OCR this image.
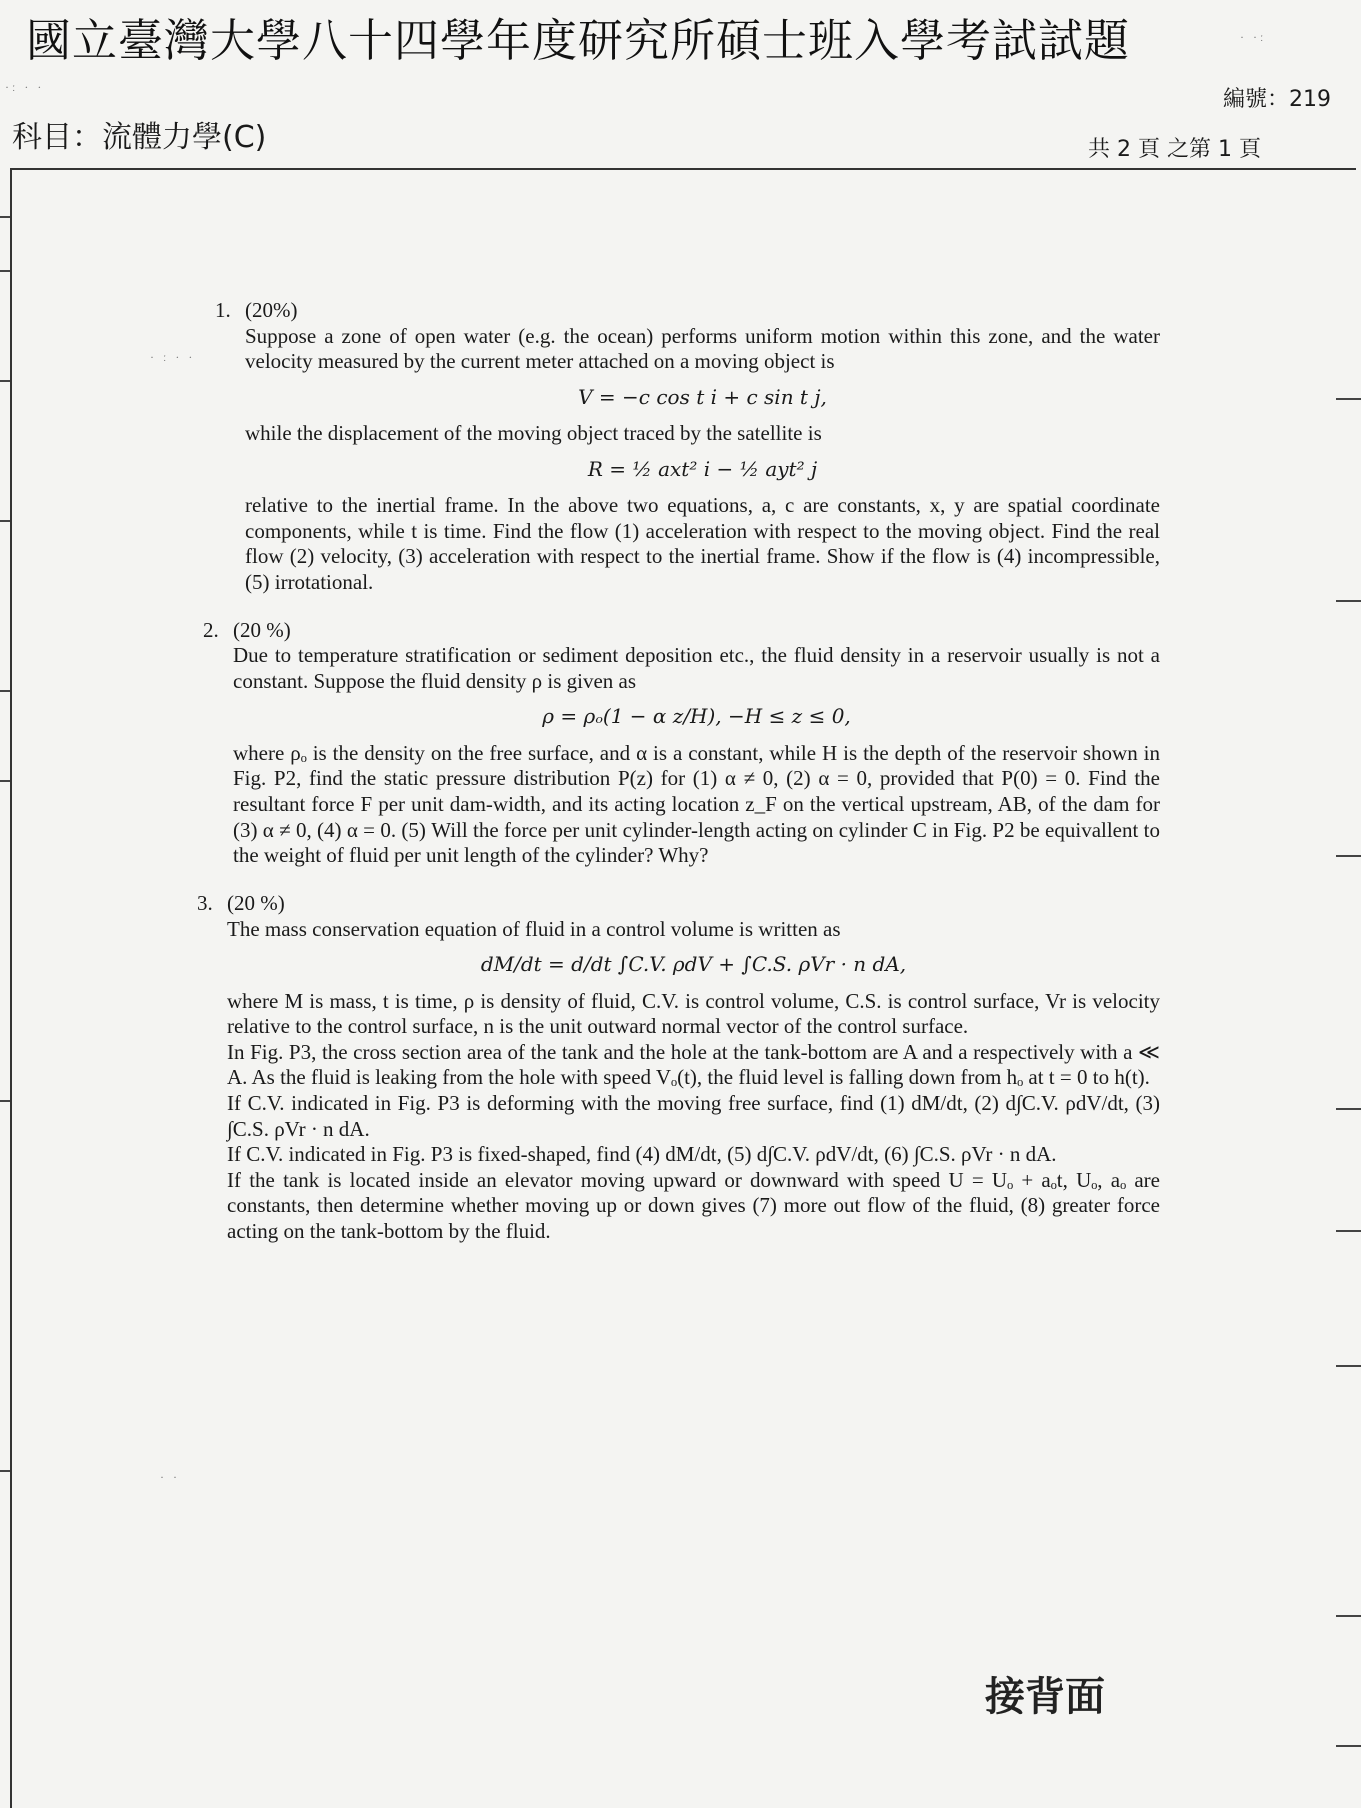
國立臺灣大學八十四學年度研究所碩士班入學考試試題
編號：219
科目：流體力學(C)	共 2 頁 之第 1 頁
· ː · ·
· ·ː
·ː · ·
· ·
1. (20%)

Suppose a zone of open water (e.g. the ocean) performs uniform motion within this zone, and the water velocity measured by the current meter attached on a moving object is

V = −c cos t i + c sin t j,

while the displacement of the moving object traced by the satellite is

R = ½ axt² i − ½ ayt² j

relative to the inertial frame. In the above two equations, a, c are constants, x, y are spatial coordinate components, while t is time. Find the flow (1) acceleration with respect to the moving object. Find the real flow (2) velocity, (3) acceleration with respect to the inertial frame. Show if the flow is (4) incompressible, (5) irrotational.

2. (20 %)

Due to temperature stratification or sediment deposition etc., the fluid density in a reservoir usually is not a constant. Suppose the fluid density ρ is given as

ρ = ρₒ(1 − α z/H), −H ≤ z ≤ 0,

where ρₒ is the density on the free surface, and α is a constant, while H is the depth of the reservoir shown in Fig. P2, find the static pressure distribution P(z) for (1) α ≠ 0, (2) α = 0, provided that P(0) = 0. Find the resultant force F per unit dam-width, and its acting location z_F on the vertical upstream, AB, of the dam for (3) α ≠ 0, (4) α = 0. (5) Will the force per unit cylinder-length acting on cylinder C in Fig. P2 be equivallent to the weight of fluid per unit length of the cylinder? Why?

3. (20 %)

The mass conservation equation of fluid in a control volume is written as

dM/dt = d/dt ∫C.V. ρdV + ∫C.S. ρVr · n dA,

where M is mass, t is time, ρ is density of fluid, C.V. is control volume, C.S. is control surface, Vr is velocity relative to the control surface, n is the unit outward normal vector of the control surface.

In Fig. P3, the cross section area of the tank and the hole at the tank-bottom are A and a respectively with a ≪ A. As the fluid is leaking from the hole with speed Vₒ(t), the fluid level is falling down from hₒ at t = 0 to h(t).

If C.V. indicated in Fig. P3 is deforming with the moving free surface, find (1) dM/dt, (2) d∫C.V. ρdV/dt, (3) ∫C.S. ρVr · n dA.

If C.V. indicated in Fig. P3 is fixed-shaped, find (4) dM/dt, (5) d∫C.V. ρdV/dt, (6) ∫C.S. ρVr · n dA.

If the tank is located inside an elevator moving upward or downward with speed U = Uₒ + aₒt, Uₒ, aₒ are constants, then determine whether moving up or down gives (7) more out flow of the fluid, (8) greater force acting on the tank-bottom by the fluid.

接背面
